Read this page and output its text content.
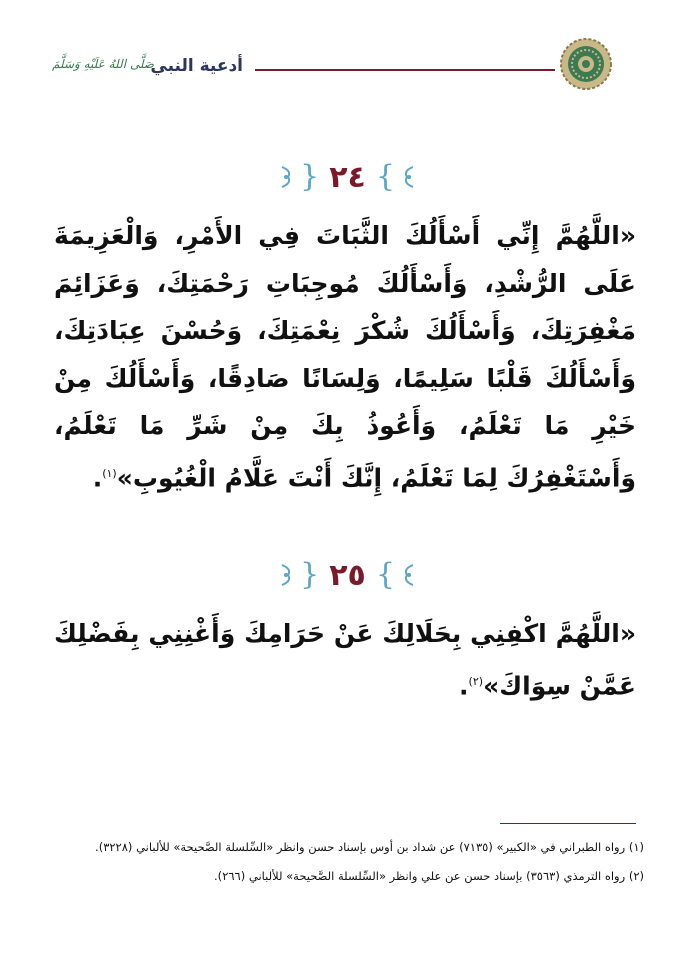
أدعية النبي
صَلَّى اللهُ عَلَيْهِ وَسَلَّمَ
} ٢٤ {
«اللَّهُمَّ إِنِّي أَسْأَلُكَ الثَّبَاتَ فِي الأَمْرِ، وَالْعَزِيمَةَ عَلَى الرُّشْدِ، وَأَسْأَلُكَ مُوجِبَاتِ رَحْمَتِكَ، وَعَزَائِمَ مَغْفِرَتِكَ، وَأَسْأَلُكَ شُكْرَ نِعْمَتِكَ، وَحُسْنَ عِبَادَتِكَ، وَأَسْأَلُكَ قَلْبًا سَلِيمًا، وَلِسَانًا صَادِقًا، وَأَسْأَلُكَ مِنْ خَيْرِ مَا تَعْلَمُ، وَأَعُوذُ بِكَ مِنْ شَرِّ مَا تَعْلَمُ، وَأَسْتَغْفِرُكَ لِمَا تَعْلَمُ، إِنَّكَ أَنْتَ عَلَّامُ الْغُيُوبِ»$^{(١)}$.
} ٢٥ {
«اللَّهُمَّ اكْفِنِي بِحَلَالِكَ عَنْ حَرَامِكَ وَأَغْنِنِي بِفَضْلِكَ عَمَّنْ سِوَاكَ»$^{(٢)}$.
(١) رواه الطبراني في «الكبير» (٧١٣٥) عن شداد بن أوس بإسناد حسن وانظر «السِّلسلة الصَّحيحة» للألباني (٣٢٢٨).
(٢) رواه الترمذي (٣٥٦٣) بإسناد حسن عن علي وانظر «السِّلسلة الصَّحيحة» للألباني (٢٦٦).
